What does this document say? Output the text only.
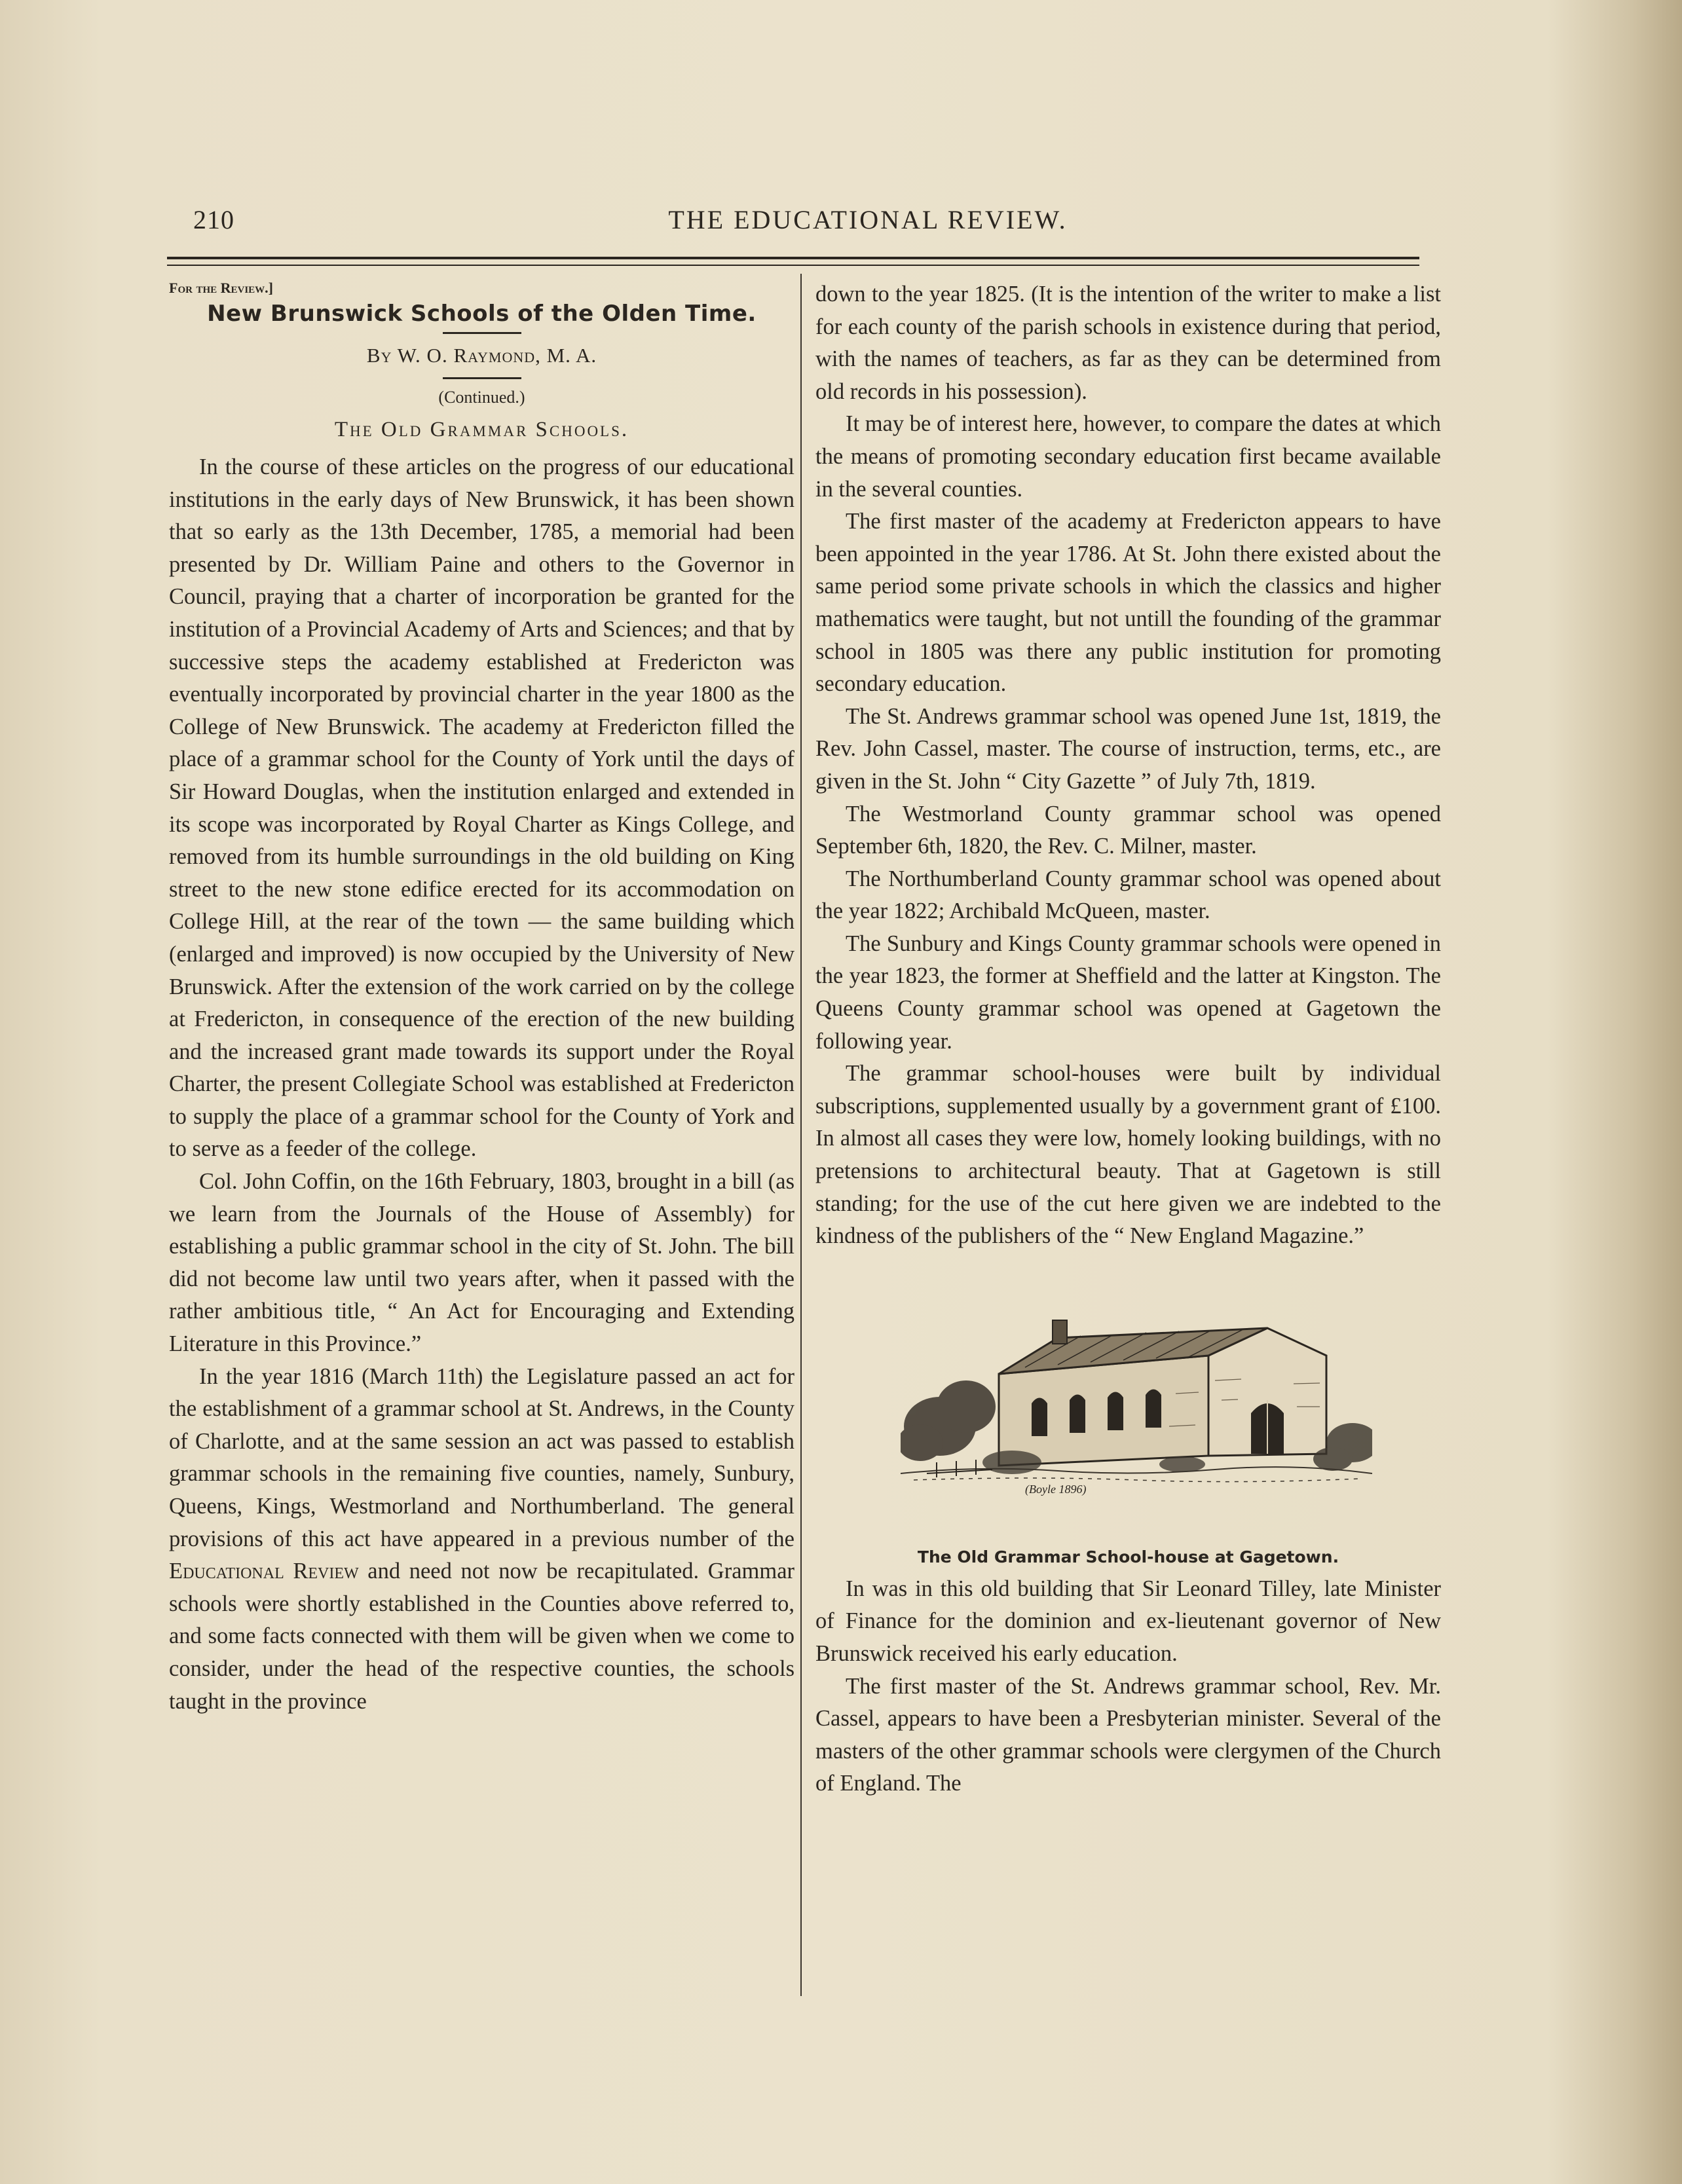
210	THE EDUCATIONAL REVIEW.

For the Review.]

New Brunswick Schools of the Olden Time.

By W. O. Raymond, M. A.

(Continued.)

The Old Grammar Schools.

In the course of these articles on the progress of our educational institutions in the early days of New Brunswick, it has been shown that so early as the 13th December, 1785, a memorial had been presented by Dr. William Paine and others to the Governor in Council, praying that a charter of incorporation be granted for the institution of a Provincial Academy of Arts and Sciences; and that by successive steps the academy established at Fredericton was eventually incorporated by provincial charter in the year 1800 as the College of New Brunswick. The academy at Fredericton filled the place of a grammar school for the County of York until the days of Sir Howard Douglas, when the institution enlarged and extended in its scope was incorporated by Royal Charter as Kings College, and removed from its humble surroundings in the old building on King street to the new stone edifice erected for its accommodation on College Hill, at the rear of the town — the same building which (enlarged and improved) is now occupied by the University of New Brunswick. After the extension of the work carried on by the college at Fredericton, in consequence of the erection of the new building and the increased grant made towards its support under the Royal Charter, the present Collegiate School was established at Fredericton to supply the place of a grammar school for the County of York and to serve as a feeder of the college.

Col. John Coffin, on the 16th February, 1803, brought in a bill (as we learn from the Journals of the House of Assembly) for establishing a public grammar school in the city of St. John. The bill did not become law until two years after, when it passed with the rather ambitious title, “ An Act for Encouraging and Extending Literature in this Province.”

In the year 1816 (March 11th) the Legislature passed an act for the establishment of a grammar school at St. Andrews, in the County of Charlotte, and at the same session an act was passed to establish grammar schools in the remaining five counties, namely, Sunbury, Queens, Kings, Westmorland and Northumberland. The general provisions of this act have appeared in a previous number of the Educational Review and need not now be recapitulated. Grammar schools were shortly established in the Counties above referred to, and some facts connected with them will be given when we come to consider, under the head of the respective counties, the schools taught in the province

down to the year 1825. (It is the intention of the writer to make a list for each county of the parish schools in existence during that period, with the names of teachers, as far as they can be determined from old records in his possession).

It may be of interest here, however, to compare the dates at which the means of promoting secondary education first became available in the several counties.

The first master of the academy at Fredericton appears to have been appointed in the year 1786. At St. John there existed about the same period some private schools in which the classics and higher mathematics were taught, but not untill the founding of the grammar school in 1805 was there any public institution for promoting secondary education.

The St. Andrews grammar school was opened June 1st, 1819, the Rev. John Cassel, master. The course of instruction, terms, etc., are given in the St. John “ City Gazette ” of July 7th, 1819.

The Westmorland County grammar school was opened September 6th, 1820, the Rev. C. Milner, master.

The Northumberland County grammar school was opened about the year 1822; Archibald McQueen, master.

The Sunbury and Kings County grammar schools were opened in the year 1823, the former at Sheffield and the latter at Kingston. The Queens County grammar school was opened at Gagetown the following year.

The grammar school-houses were built by individual subscriptions, supplemented usually by a government grant of £100. In almost all cases they were low, homely looking buildings, with no pretensions to architectural beauty. That at Gagetown is still standing; for the use of the cut here given we are indebted to the kindness of the publishers of the “ New England Magazine.”

(Boyle 1896)

The Old Grammar School-house at Gagetown.

In was in this old building that Sir Leonard Tilley, late Minister of Finance for the dominion and ex-lieutenant governor of New Brunswick received his early education.

The first master of the St. Andrews grammar school, Rev. Mr. Cassel, appears to have been a Presbyterian minister. Several of the masters of the other grammar schools were clergymen of the Church of England. The
